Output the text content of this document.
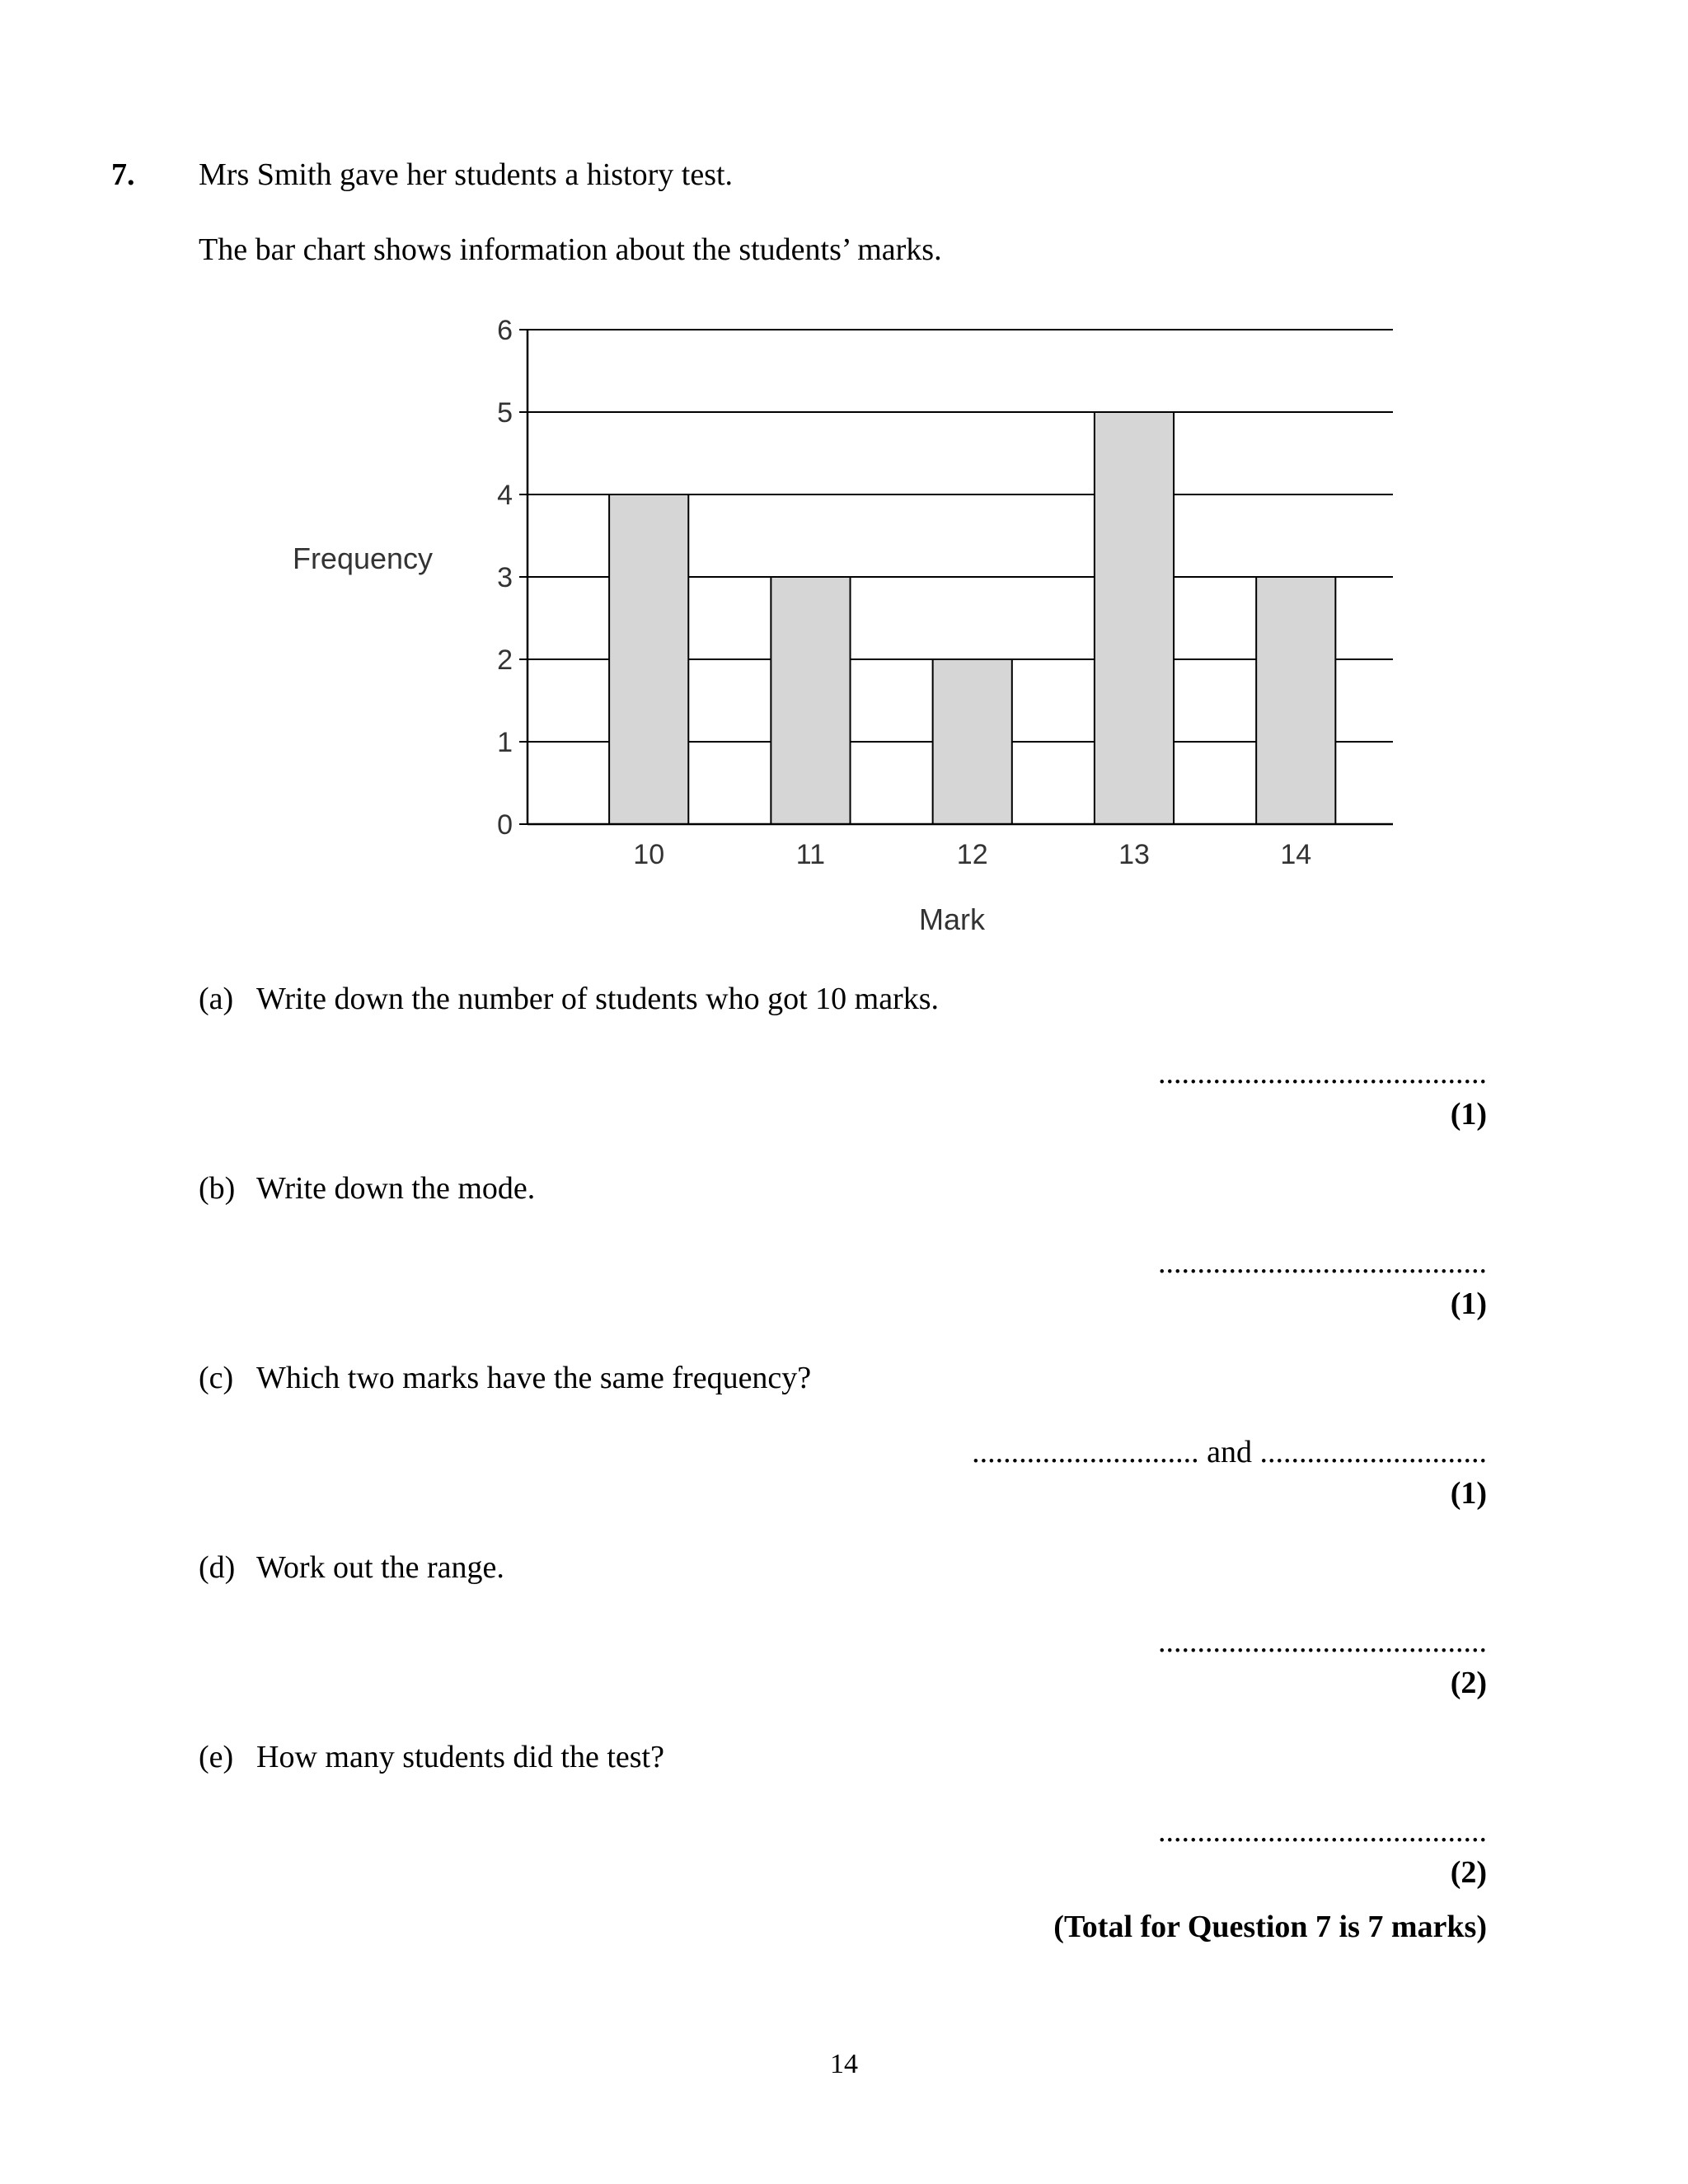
7. Mrs Smith gave her students a history test.
The bar chart shows information about the students’ marks.
0
1
2
3
4
5
6
10	11	12	13	14
Frequency
Mark
(a) Write down the number of students who got 10 marks.
..........................................
(1)
(b) Write down the mode.
..........................................
(1)
(c) Which two marks have the same frequency?
............................. and .............................
(1)
(d) Work out the range.
..........................................
(2)
(e) How many students did the test?
..........................................
(2)
(Total for Question 7 is 7 marks)
14
